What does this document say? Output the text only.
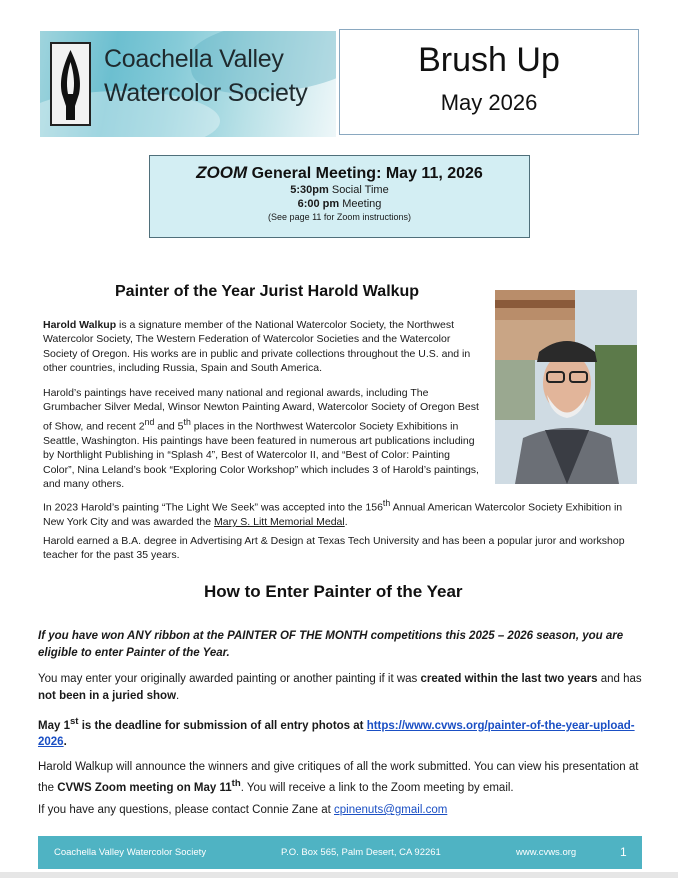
Coachella Valley
Watercolor Society
Brush Up
May 2026
ZOOM General Meeting: May 11, 2026
5:30pm Social Time
6:00 pm Meeting
(See page 11 for Zoom instructions)
Painter of the Year Jurist Harold Walkup
Harold Walkup is a signature member of the National Watercolor Society, the Northwest Watercolor Society, The Western Federation of Watercolor Societies and the Watercolor Society of Oregon. His works are in public and private collections throughout the U.S. and in other countries, including Russia, Spain and South America.
Harold’s paintings have received many national and regional awards, including The Grumbacher Silver Medal, Winsor Newton Painting Award, Watercolor Society of Oregon Best of Show, and recent 2nd and 5th places in the Northwest Watercolor Society Exhibitions in Seattle, Washington. His paintings have been featured in numerous art publications including by Northlight Publishing in “Splash 4”, Best of Watercolor II, and “Best of Color: Painting Color”, Nina Leland’s book “Exploring Color Workshop” which includes 3 of Harold’s paintings, and many others.
In 2023 Harold’s painting “The Light We Seek” was accepted into the 156th Annual American Watercolor Society Exhibition in New York City and was awarded the Mary S. Litt Memorial Medal.
Harold earned a B.A. degree in Advertising Art & Design at Texas Tech University and has been a popular juror and workshop teacher for the past 35 years.
How to Enter Painter of the Year
If you have won ANY ribbon at the PAINTER OF THE MONTH competitions this 2025 – 2026 season, you are eligible to enter Painter of the Year.
You may enter your originally awarded painting or another painting if it was created within the last two years and has not been in a juried show.
May 1st is the deadline for submission of all entry photos at https://www.cvws.org/painter-of-the-year-upload-2026.
Harold Walkup will announce the winners and give critiques of all the work submitted. You can view his presentation at the CVWS Zoom meeting on May 11th. You will receive a link to the Zoom meeting by email.
If you have any questions, please contact Connie Zane at cpinenuts@gmail.com
Coachella Valley Watercolor Society	P.O. Box 565, Palm Desert, CA 92261	www.cvws.org	1
